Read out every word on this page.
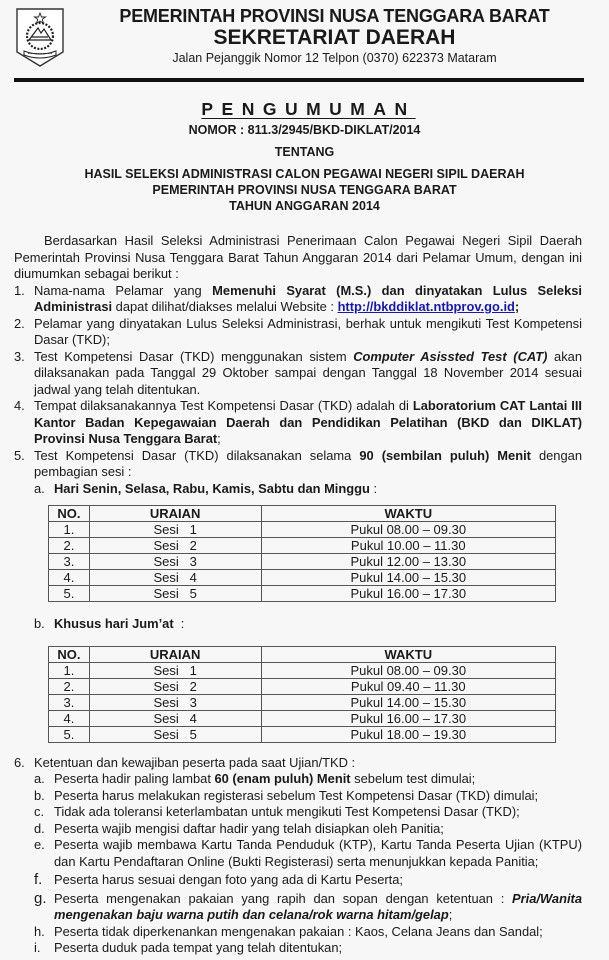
PEMERINTAH PROVINSI NUSA TENGGARA BARAT
SEKRETARIAT DAERAH
Jalan Pejanggik Nomor 12 Telpon (0370) 622373 Mataram
PENGUMUMAN
NOMOR : 811.3/2945/BKD-DIKLAT/2014
TENTANG
HASIL SELEKSI ADMINISTRASI CALON PEGAWAI NEGERI SIPIL DAERAH
PEMERINTAH PROVINSI NUSA TENGGARA BARAT
TAHUN ANGGARAN 2014

Berdasarkan Hasil Seleksi Administrasi Penerimaan Calon Pegawai Negeri Sipil Daerah Pemerintah Provinsi Nusa Tenggara Barat Tahun Anggaran 2014 dari Pelamar Umum, dengan ini diumumkan sebagai berikut :

1. Nama-nama Pelamar yang Memenuhi Syarat (M.S.) dan dinyatakan Lulus Seleksi Administrasi dapat dilihat/diakses melalui Website : http://bkddiklat.ntbprov.go.id;
2. Pelamar yang dinyatakan Lulus Seleksi Administrasi, berhak untuk mengikuti Test Kompetensi Dasar (TKD);
3. Test Kompetensi Dasar (TKD) menggunakan sistem Computer Asissted Test (CAT) akan dilaksanakan pada Tanggal 29 Oktober sampai dengan Tanggal 18 November 2014 sesuai jadwal yang telah ditentukan.
4. Tempat dilaksanakannya Test Kompetensi Dasar (TKD) adalah di Laboratorium CAT Lantai III Kantor Badan Kepegawaian Daerah dan Pendidikan Pelatihan (BKD dan DIKLAT) Provinsi Nusa Tenggara Barat;
5. Test Kompetensi Dasar (TKD) dilaksanakan selama 90 (sembilan puluh) Menit dengan pembagian sesi :
a. Hari Senin, Selasa, Rabu, Kamis, Sabtu dan Minggu :
NO.	URAIAN	WAKTU
1.	Sesi   1	Pukul 08.00 – 09.30
2.	Sesi   2	Pukul 10.00 – 11.30
3.	Sesi   3	Pukul 12.00 – 13.30
4.	Sesi   4	Pukul 14.00 – 15.30
5.	Sesi   5	Pukul 16.00 – 17.30
b. Khusus hari Jum’at  :
NO.	URAIAN	WAKTU
1.	Sesi   1	Pukul 08.00 – 09.30
2.	Sesi   2	Pukul 09.40 – 11.30
3.	Sesi   3	Pukul 14.00 – 15.30
4.	Sesi   4	Pukul 16.00 – 17.30
5.	Sesi   5	Pukul 18.00 – 19.30
6. Ketentuan dan kewajiban peserta pada saat Ujian/TKD :
a. Peserta hadir paling lambat 60 (enam puluh) Menit sebelum test dimulai;
b. Peserta harus melakukan registerasi sebelum Test Kompetensi Dasar (TKD) dimulai;
c. Tidak ada toleransi keterlambatan untuk mengikuti Test Kompetensi Dasar (TKD);
d. Peserta wajib mengisi daftar hadir yang telah disiapkan oleh Panitia;
e. Peserta wajib membawa Kartu Tanda Penduduk (KTP), Kartu Tanda Peserta Ujian (KTPU) dan Kartu Pendaftaran Online (Bukti Registerasi) serta menunjukkan kepada Panitia;
f. Peserta harus sesuai dengan foto yang ada di Kartu Peserta;
g. Peserta mengenakan pakaian yang rapih dan sopan dengan ketentuan : Pria/Wanita mengenakan baju warna putih dan celana/rok warna hitam/gelap;
h. Peserta tidak diperkenankan mengenakan pakaian : Kaos, Celana Jeans dan Sandal;
i. Peserta duduk pada tempat yang telah ditentukan;
